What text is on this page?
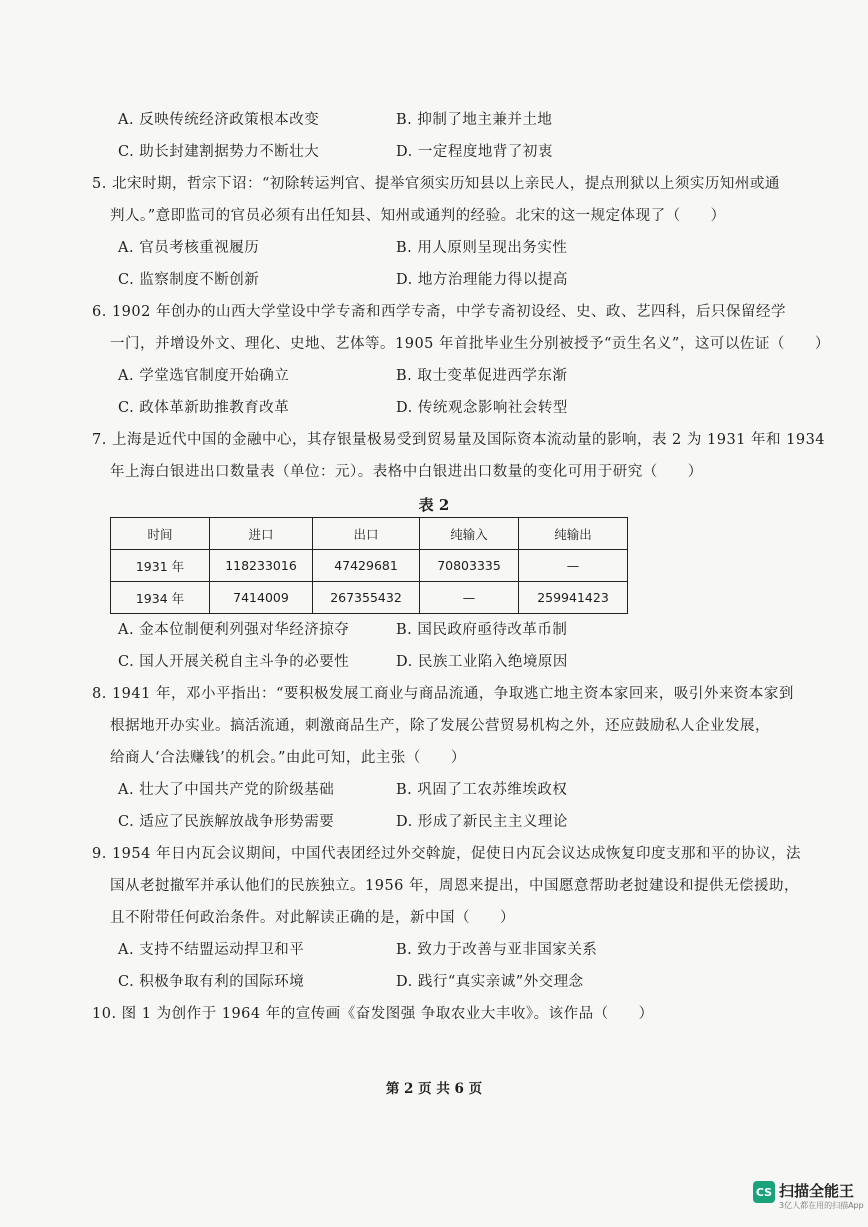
A. 反映传统经济政策根本改变	B. 抑制了地主兼并土地
C. 助长封建割据势力不断壮大	D. 一定程度地背了初衷
5. 北宋时期，哲宗下诏：“初除转运判官、提举官须实历知县以上亲民人，提点刑狱以上须实历知州或通
判人。”意即监司的官员必须有出任知县、知州或通判的经验。北宋的这一规定体现了（　　）
A. 官员考核重视履历	B. 用人原则呈现出务实性
C. 监察制度不断创新	D. 地方治理能力得以提高
6. 1902 年创办的山西大学堂设中学专斋和西学专斋，中学专斋初设经、史、政、艺四科，后只保留经学
一门，并增设外文、理化、史地、艺体等。1905 年首批毕业生分别被授予“贡生名义”，这可以佐证（　　）
A. 学堂选官制度开始确立	B. 取士变革促进西学东渐
C. 政体革新助推教育改革	D. 传统观念影响社会转型
7. 上海是近代中国的金融中心，其存银量极易受到贸易量及国际资本流动量的影响，表 2 为 1931 年和 1934
年上海白银进出口数量表（单位：元）。表格中白银进出口数量的变化可用于研究（　　）
表 2
时间	进口	出口	纯输入	纯输出
1931 年	118233016	47429681	70803335	—
1934 年	7414009	267355432	—	259941423
A. 金本位制便利列强对华经济掠夺	B. 国民政府亟待改革币制
C. 国人开展关税自主斗争的必要性	D. 民族工业陷入绝境原因
8. 1941 年，邓小平指出：“要积极发展工商业与商品流通，争取逃亡地主资本家回来，吸引外来资本家到
根据地开办实业。搞活流通，刺激商品生产，除了发展公营贸易机构之外，还应鼓励私人企业发展，
给商人‘合法赚钱’的机会。”由此可知，此主张（　　）
A. 壮大了中国共产党的阶级基础	B. 巩固了工农苏维埃政权
C. 适应了民族解放战争形势需要	D. 形成了新民主主义理论
9. 1954 年日内瓦会议期间，中国代表团经过外交斡旋，促使日内瓦会议达成恢复印度支那和平的协议，法
国从老挝撤军并承认他们的民族独立。1956 年，周恩来提出，中国愿意帮助老挝建设和提供无偿援助，
且不附带任何政治条件。对此解读正确的是，新中国（　　）
A. 支持不结盟运动捍卫和平	B. 致力于改善与亚非国家关系
C. 积极争取有利的国际环境	D. 践行“真实亲诚”外交理念
10. 图 1 为创作于 1964 年的宣传画《奋发图强 争取农业大丰收》。该作品（　　）
第 2 页 共 6 页
CS 扫描全能王
3亿人都在用的扫描App
